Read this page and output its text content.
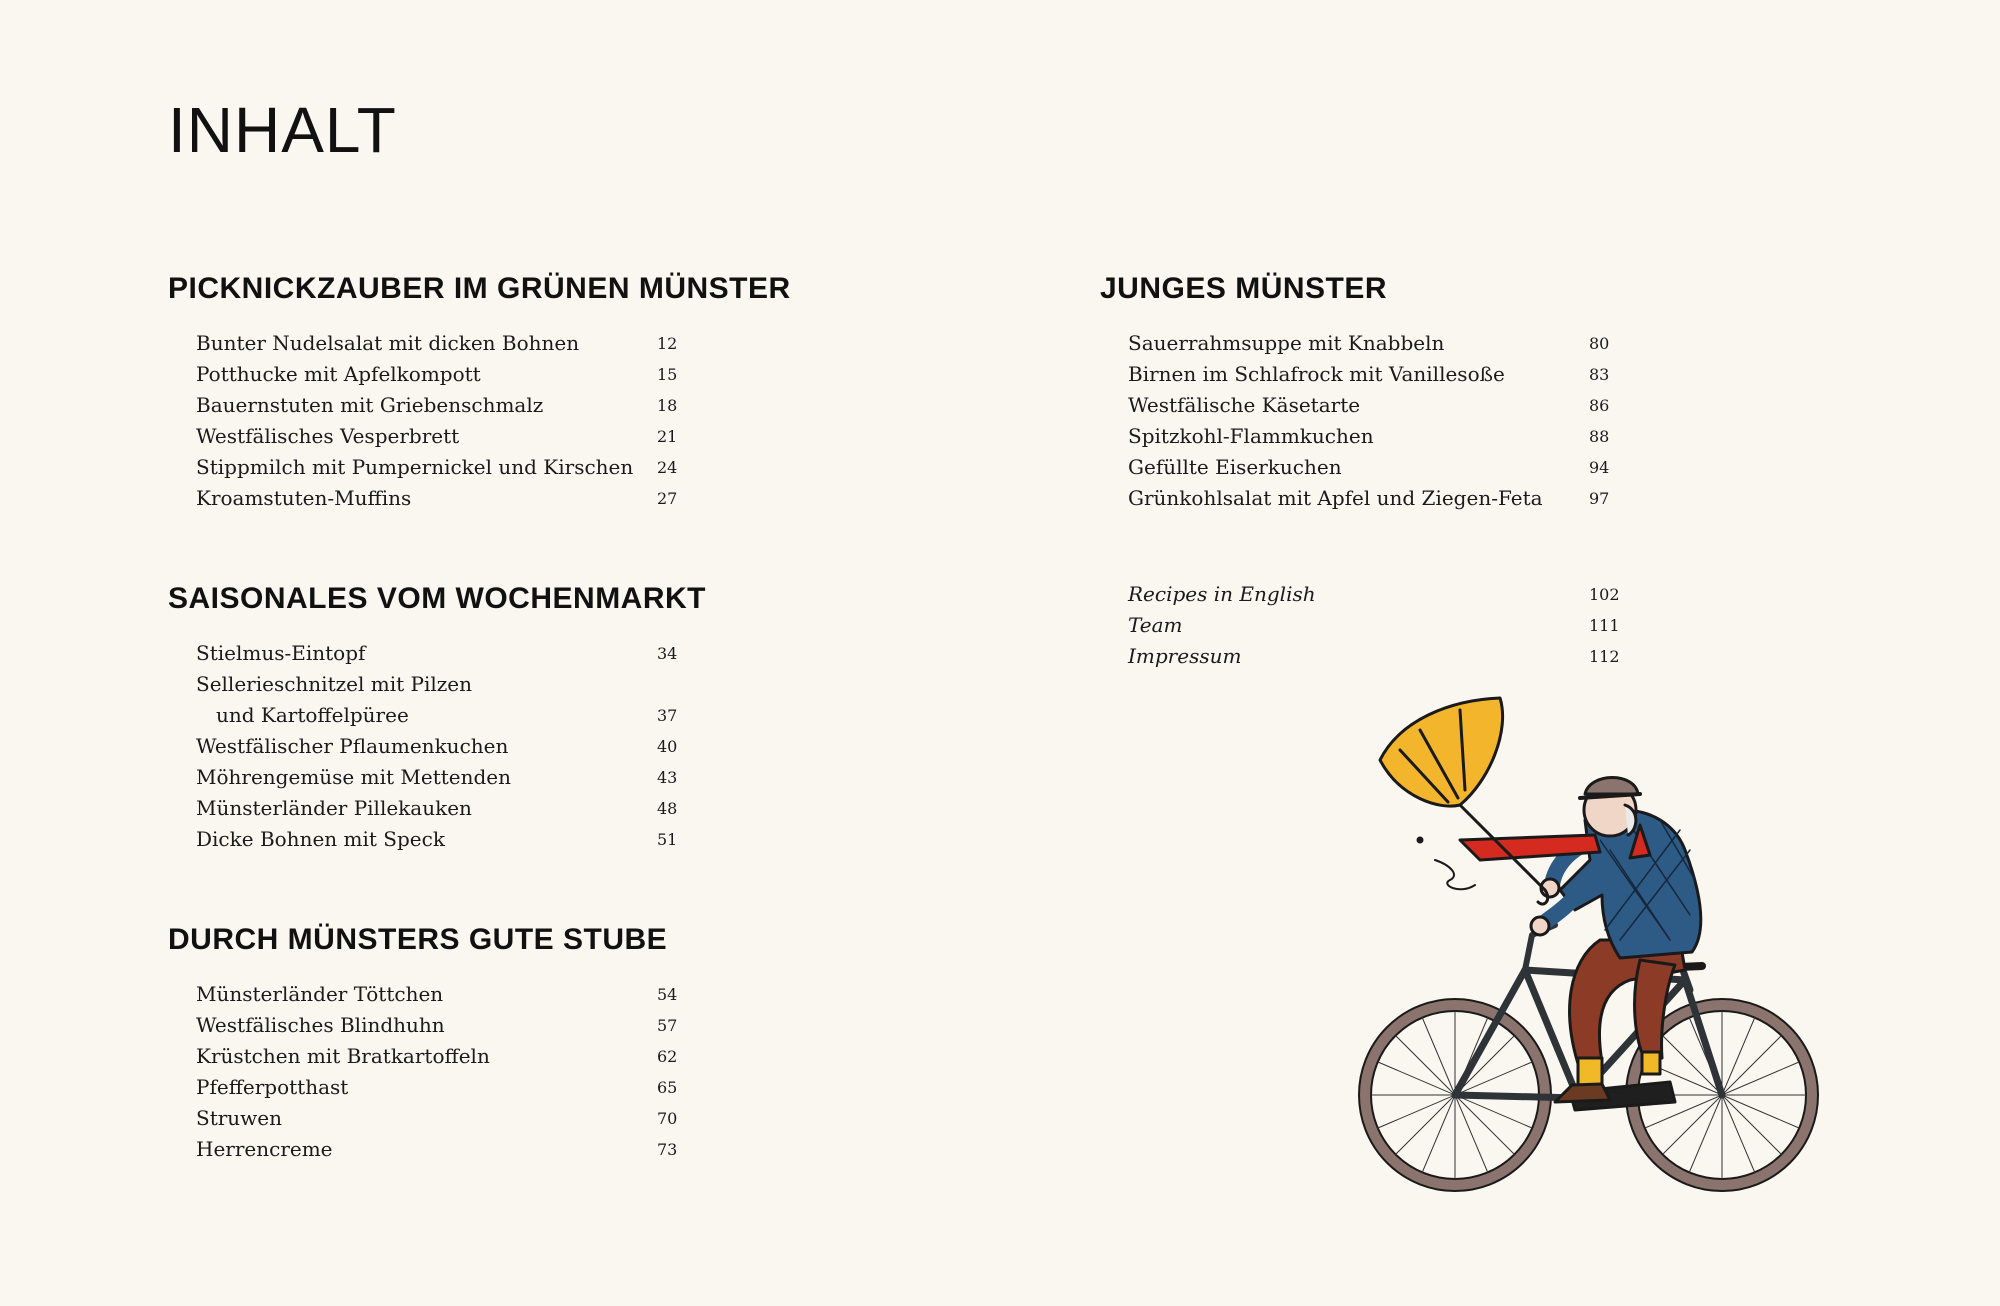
INHALT
PICKNICKZAUBER IM GRÜNEN MÜNSTER
Bunter Nudelsalat mit dicken Bohnen	12
Potthucke mit Apfelkompott	15
Bauernstuten mit Griebenschmalz	18
Westfälisches Vesperbrett	21
Stippmilch mit Pumpernickel und Kirschen 24
Kroamstuten-Muffins	27
SAISONALES VOM WOCHENMARKT
Stielmus-Eintopf	34
Sellerieschnitzel mit Pilzen
und Kartoffelpüree	37
Westfälischer Pflaumenkuchen	40
Möhrengemüse mit Mettenden	43
Münsterländer Pillekauken	48
Dicke Bohnen mit Speck	51
DURCH MÜNSTERS GUTE STUBE
Münsterländer Töttchen	54
Westfälisches Blindhuhn	57
Krüstchen mit Bratkartoffeln	62
Pfefferpotthast	65
Struwen	70
Herrencreme	73
JUNGES MÜNSTER
Sauerrahmsuppe mit Knabbeln	80
Birnen im Schlafrock mit Vanillesoße	83
Westfälische Käsetarte	86
Spitzkohl-Flammkuchen	88
Gefüllte Eiserkuchen	94
Grünkohlsalat mit Apfel und Ziegen-Feta	97
Recipes in English	102
Team	111
Impressum	112
